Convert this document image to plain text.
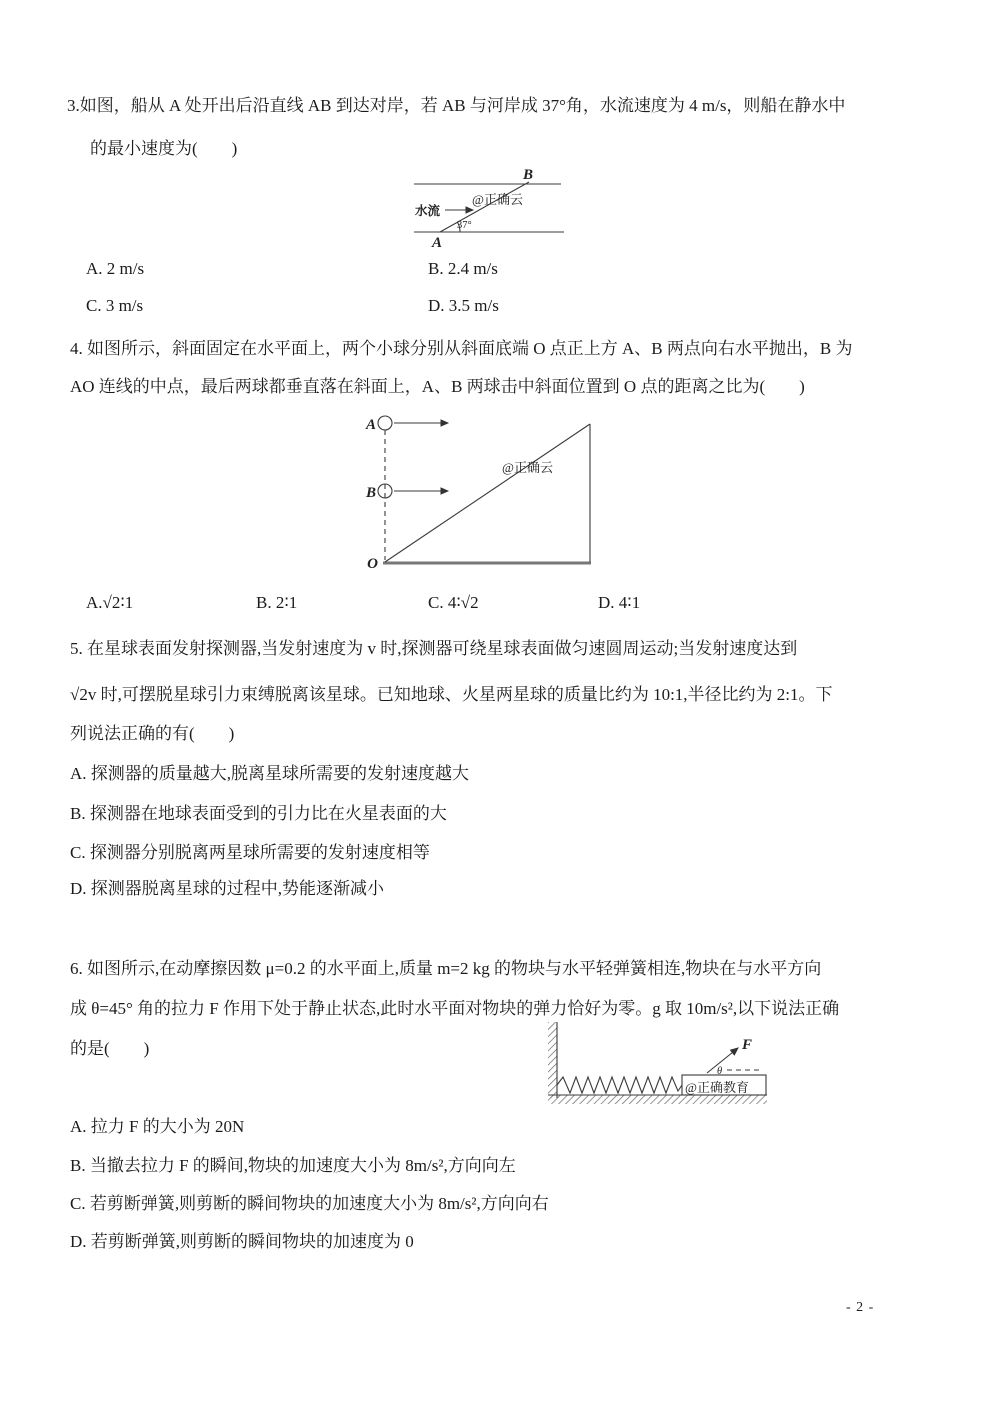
3.如图，船从 A 处开出后沿直线 AB 到达对岸，若 AB 与河岸成 37°角，水流速度为 4 m/s，则船在静水中
的最小速度为(　　)
水流
37°
A
B
@正确云
A. 2 m/s	B. 2.4 m/s
C. 3 m/s	D. 3.5 m/s
4. 如图所示，斜面固定在水平面上，两个小球分别从斜面底端 O 点正上方 A、B 两点向右水平抛出，B 为
AO 连线的中点，最后两球都垂直落在斜面上，A、B 两球击中斜面位置到 O 点的距离之比为(　　)
A
B
O
@正确云
A.√2∶1	B. 2∶1	C. 4∶√2	D. 4∶1
5. 在星球表面发射探测器,当发射速度为 v 时,探测器可绕星球表面做匀速圆周运动;当发射速度达到
√2v 时,可摆脱星球引力束缚脱离该星球。已知地球、火星两星球的质量比约为 10:1,半径比约为 2:1。下
列说法正确的有(　　)
A. 探测器的质量越大,脱离星球所需要的发射速度越大
B. 探测器在地球表面受到的引力比在火星表面的大
C. 探测器分别脱离两星球所需要的发射速度相等
D. 探测器脱离星球的过程中,势能逐渐减小
6. 如图所示,在动摩擦因数 μ=0.2 的水平面上,质量 m=2 kg 的物块与水平轻弹簧相连,物块在与水平方向
成 θ=45° 角的拉力 F 作用下处于静止状态,此时水平面对物块的弹力恰好为零。g 取 10m/s²,以下说法正确
的是(　　)	F
θ
@正确教育
A. 拉力 F 的大小为 20N
B. 当撤去拉力 F 的瞬间,物块的加速度大小为 8m/s²,方向向左
C. 若剪断弹簧,则剪断的瞬间物块的加速度大小为 8m/s²,方向向右
D. 若剪断弹簧,则剪断的瞬间物块的加速度为 0
- 2 -
